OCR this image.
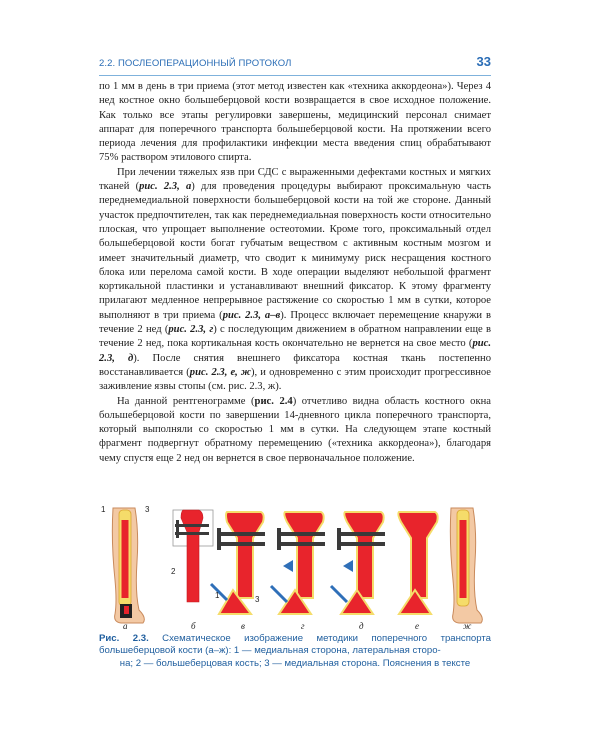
2.2. ПОСЛЕОПЕРАЦИОННЫЙ ПРОТОКОЛ	33

по 1 мм в день в три приема (этот метод известен как «техника аккордеона»). Через 4 нед костное окно большеберцовой кости возвращается в свое исходное положение. Как только все этапы регулировки завершены, медицинский персонал снимает аппарат для поперечного транспорта большеберцовой кости. На протяжении всего периода лечения для профилактики инфекции места введения спиц обрабатывают 75% раствором этилового спирта.

При лечении тяжелых язв при СДС с выраженными дефектами костных и мягких тканей (рис. 2.3, а) для проведения процедуры выбирают проксимальную часть переднемедиальной поверхности большеберцовой кости на той же стороне. Данный участок предпочтителен, так как переднемедиальная поверхность кости относительно плоская, что упрощает выполнение остеотомии. Кроме того, проксимальный отдел большеберцовой кости богат губчатым веществом с активным костным мозгом и имеет значительный диаметр, что сводит к минимуму риск несращения костного блока или перелома самой кости. В ходе операции выделяют небольшой фрагмент кортикальной пластинки и устанавливают внешний фиксатор. К этому фрагменту прилагают медленное непрерывное растяжение со скоростью 1 мм в сутки, которое выполняют в три приема (рис. 2.3, а–в). Процесс включает перемещение кнаружи в течение 2 нед (рис. 2.3, г) с последующим движением в обратном направлении еще в течение 2 нед, пока кортикальная кость окончательно не вернется на свое место (рис. 2.3, д). После снятия внешнего фиксатора костная ткань постепенно восстанавливается (рис. 2.3, е, ж), и одновременно с этим происходит прогрессивное заживление язвы стопы (см. рис. 2.3, ж).

На данной рентгенограмме (рис. 2.4) отчетливо видна область костного окна большеберцовой кости по завершении 14-дневного цикла поперечного транспорта, который выполняли со скоростью 1 мм в сутки. На следующем этапе костный фрагмент подвергнут обратному перемещению («техника аккордеона»), благодаря чему спустя еще 2 нед он вернется в свое первоначальное положение.

а	б	в	г	д	е	ж
1	3
2
1	3
Рис. 2.3. Схематическое изображение методики поперечного транспорта большеберцовой кости (а–ж): 1 — медиальная сторона, латеральная сторо-
на; 2 — большеберцовая кость; 3 — медиальная сторона. Пояснения в тексте
